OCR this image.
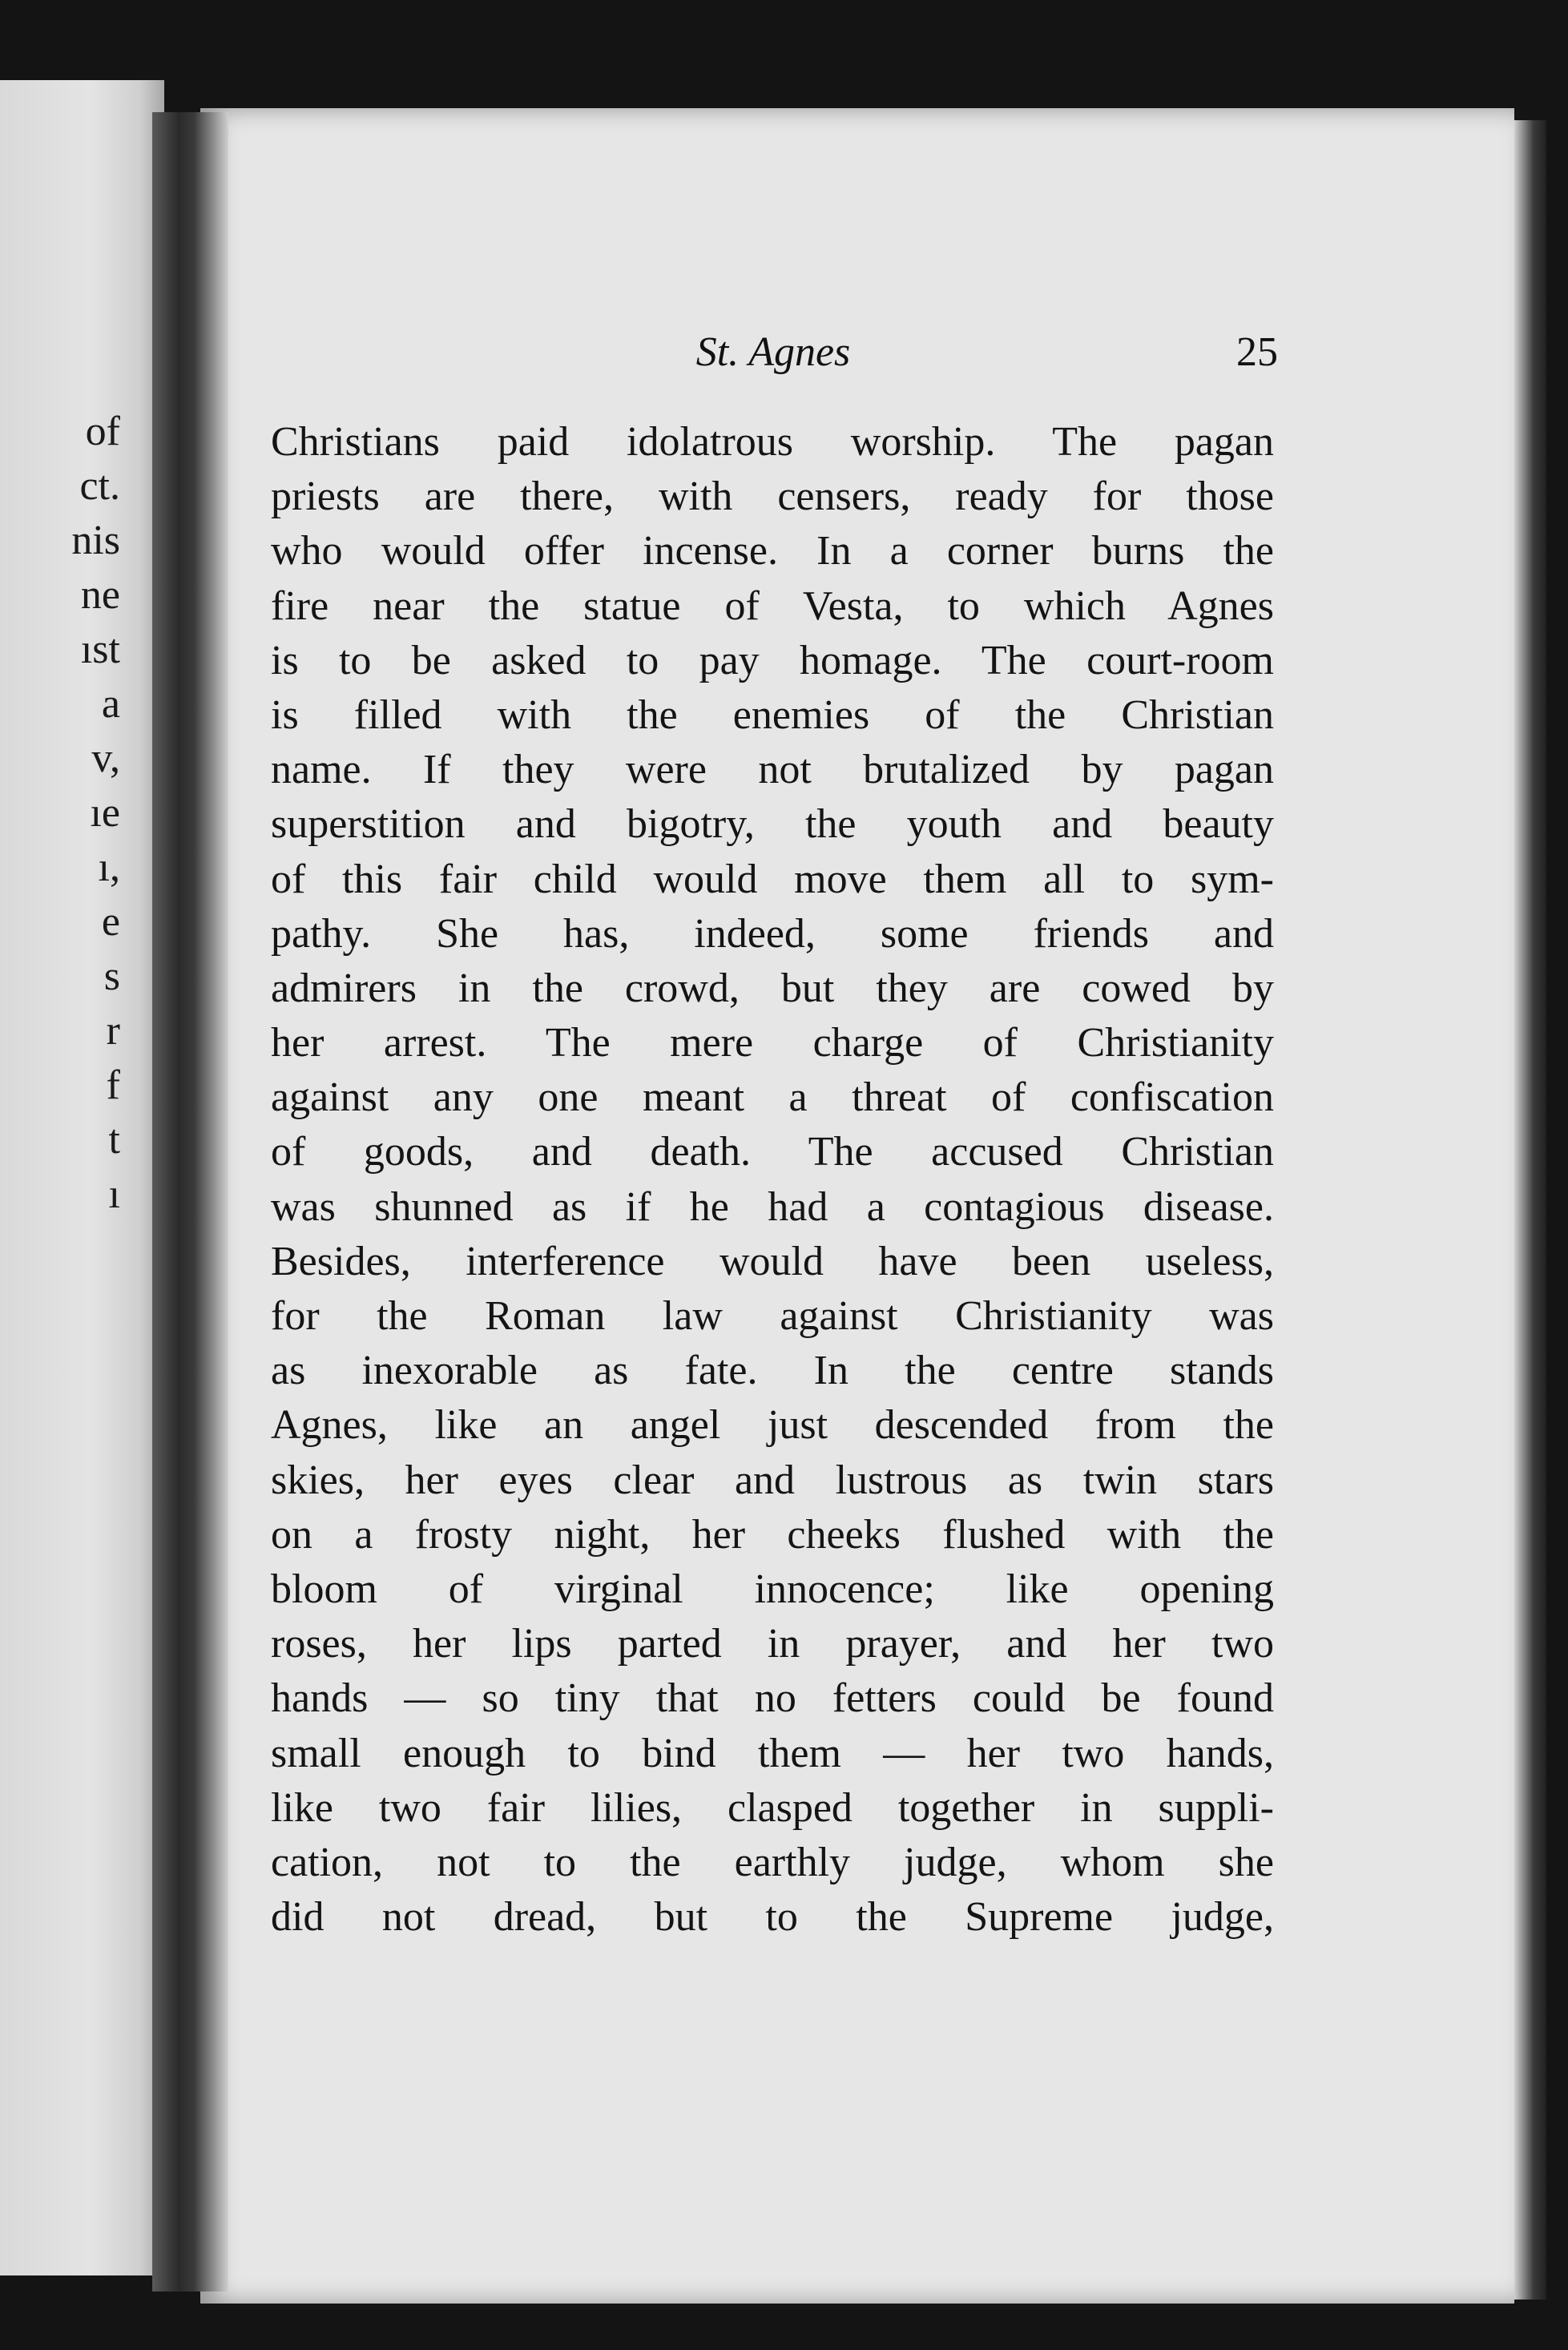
of
ct.
nis
ne
ıst
a
v,
ıe
ı,
e
s
r
f
t
ı
St. Agnes	25
Christians paid idolatrous worship. The pagan
priests are there, with censers, ready for those
who would offer incense. In a corner burns the
fire near the statue of Vesta, to which Agnes
is to be asked to pay homage. The court-room
is filled with the enemies of the Christian
name. If they were not brutalized by pagan
superstition and bigotry, the youth and beauty
of this fair child would move them all to sym-
pathy. She has, indeed, some friends and
admirers in the crowd, but they are cowed by
her arrest. The mere charge of Christianity
against any one meant a threat of confiscation
of goods, and death. The accused Christian
was shunned as if he had a contagious disease.
Besides, interference would have been useless,
for the Roman law against Christianity was
as inexorable as fate. In the centre stands
Agnes, like an angel just descended from the
skies, her eyes clear and lustrous as twin stars
on a frosty night, her cheeks flushed with the
bloom of virginal innocence; like opening
roses, her lips parted in prayer, and her two
hands — so tiny that no fetters could be found
small enough to bind them — her two hands,
like two fair lilies, clasped together in suppli-
cation, not to the earthly judge, whom she
did not dread, but to the Supreme judge,
